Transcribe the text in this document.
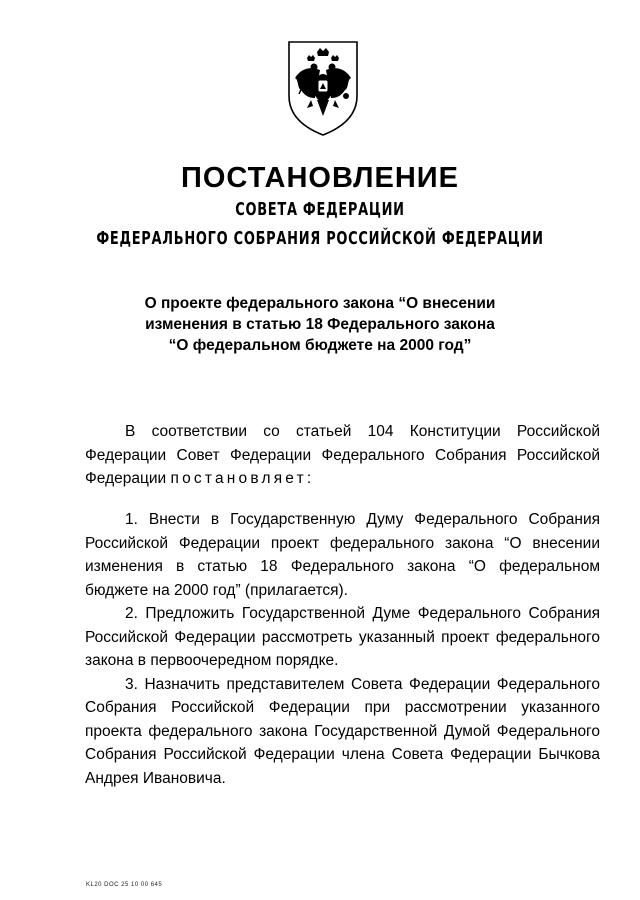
ПОСТАНОВЛЕНИЕ
СОВЕТА ФЕДЕРАЦИИ
ФЕДЕРАЛЬНОГО СОБРАНИЯ РОССИЙСКОЙ ФЕДЕРАЦИИ
О проекте федерального закона “О внесении
изменения в статью 18 Федерального закона
“О федеральном бюджете на 2000 год”

В соответствии со статьей 104 Конституции Российской Федерации Совет Федерации Федерального Собрания Российской Федерации постановляет:

1. Внести в Государственную Думу Федерального Собрания Российской Федерации проект федерального закона “О внесении изменения в статью 18 Федерального закона “О федеральном бюджете на 2000 год” (прилагается).

2. Предложить Государственной Думе Федерального Собрания Российской Федерации рассмотреть указанный проект федерального закона в первоочередном порядке.

3. Назначить представителем Совета Федерации Федерального Собрания Российской Федерации при рассмотрении указанного проекта федерального закона Государственной Думой Федерального Собрания Российской Федерации члена Совета Федерации Бычкова Андрея Ивановича.

KL20 DOC 25 10 00 645
